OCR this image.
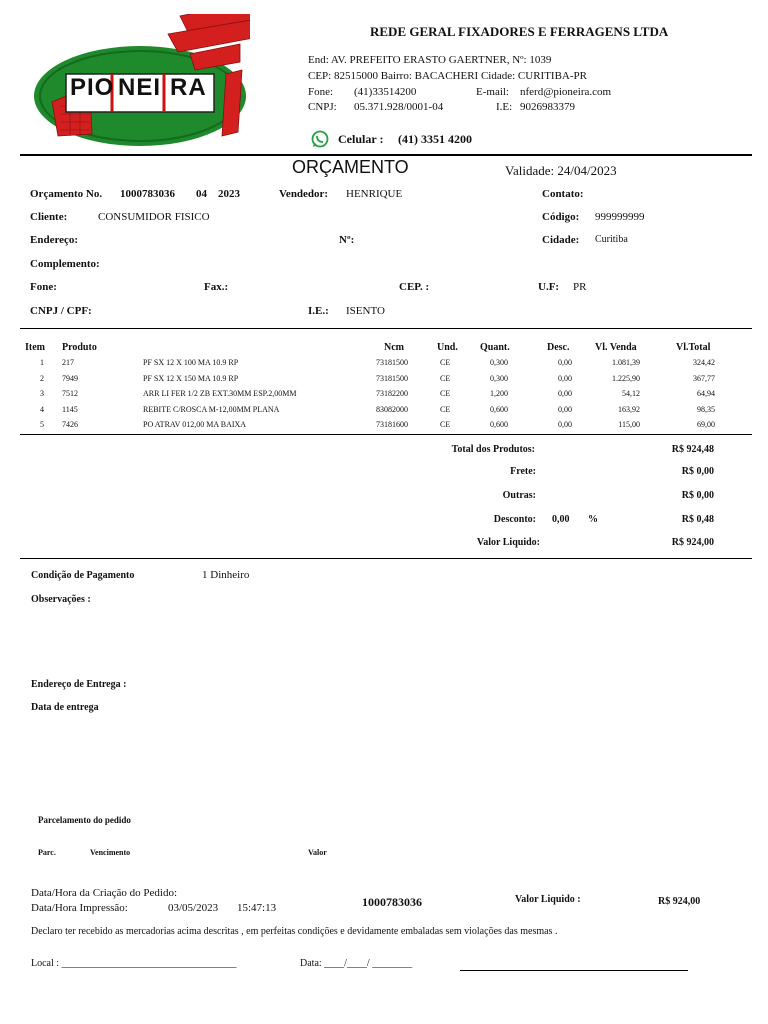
PIO NEI RA
REDE GERAL FIXADORES E FERRAGENS LTDA
End: AV. PREFEITO ERASTO GAERTNER, Nº: 1039
CEP: 82515000 Bairro: BACACHERI Cidade: CURITIBA-PR
Fone: (41)33514200	E-mail: nferd@pioneira.com
CNPJ: 05.371.928/0001-04	I.E: 9026983379
Celular : (41) 3351 4200
ORÇAMENTO	Validade: 24/04/2023
Orçamento No. 1000783036 04 2023	Vendedor: HENRIQUE	Contato:
Cliente:	CONSUMIDOR FISICO	Código: 999999999
Endereço:	Nº:	Cidade: Curitiba
Complemento:
Fone:	Fax.:	CEP. :	U.F: PR
CNPJ / CPF:	I.E.: ISENTO
Item Produto	Ncm	Und. Quant.	Desc.	Vl. Venda	Vl.Total
1	217	PF SX 12 X 100 MA 10.9 RP	73181500	CE	0,300	0,00	1.081,39	324,42
2	7949	PF SX 12 X 150 MA 10.9 RP	73181500	CE	0,300	0,00	1.225,90	367,77
3	7512	ARR LI FER 1/2 ZB EXT.30MM ESP.2,00MM	73182200	CE	1,200	0,00	54,12	64,94
4	1145	REBITE C/ROSCA M-12,00MM PLANA	83082000	CE	0,600	0,00	163,92	98,35
5	7426	PO ATRAV 012,00 MA BAIXA	73181600	CE	0,600	0,00	115,00	69,00
Total dos Produtos:	R$ 924,48
Frete:	R$ 0,00
Outras:	R$ 0,00
Desconto: 0,00 %	R$ 0,48
Valor Liquido:	R$ 924,00
Condição de Pagamento	1 Dinheiro
Observações :
Endereço de Entrega :
Data de entrega
Parcelamento do pedido
Parc.	Vencimento	Valor
Data/Hora da Criação do Pedido:
Data/Hora Impressão:	03/05/2023 15:47:13	1000783036	Valor Liquido :	R$ 924,00
Declaro ter recebido as mercadorias acima descritas , em perfeitas condições e devidamente embaladas sem violações das mesmas .
Local : ___________________________________	Data: ____/____/ ________
